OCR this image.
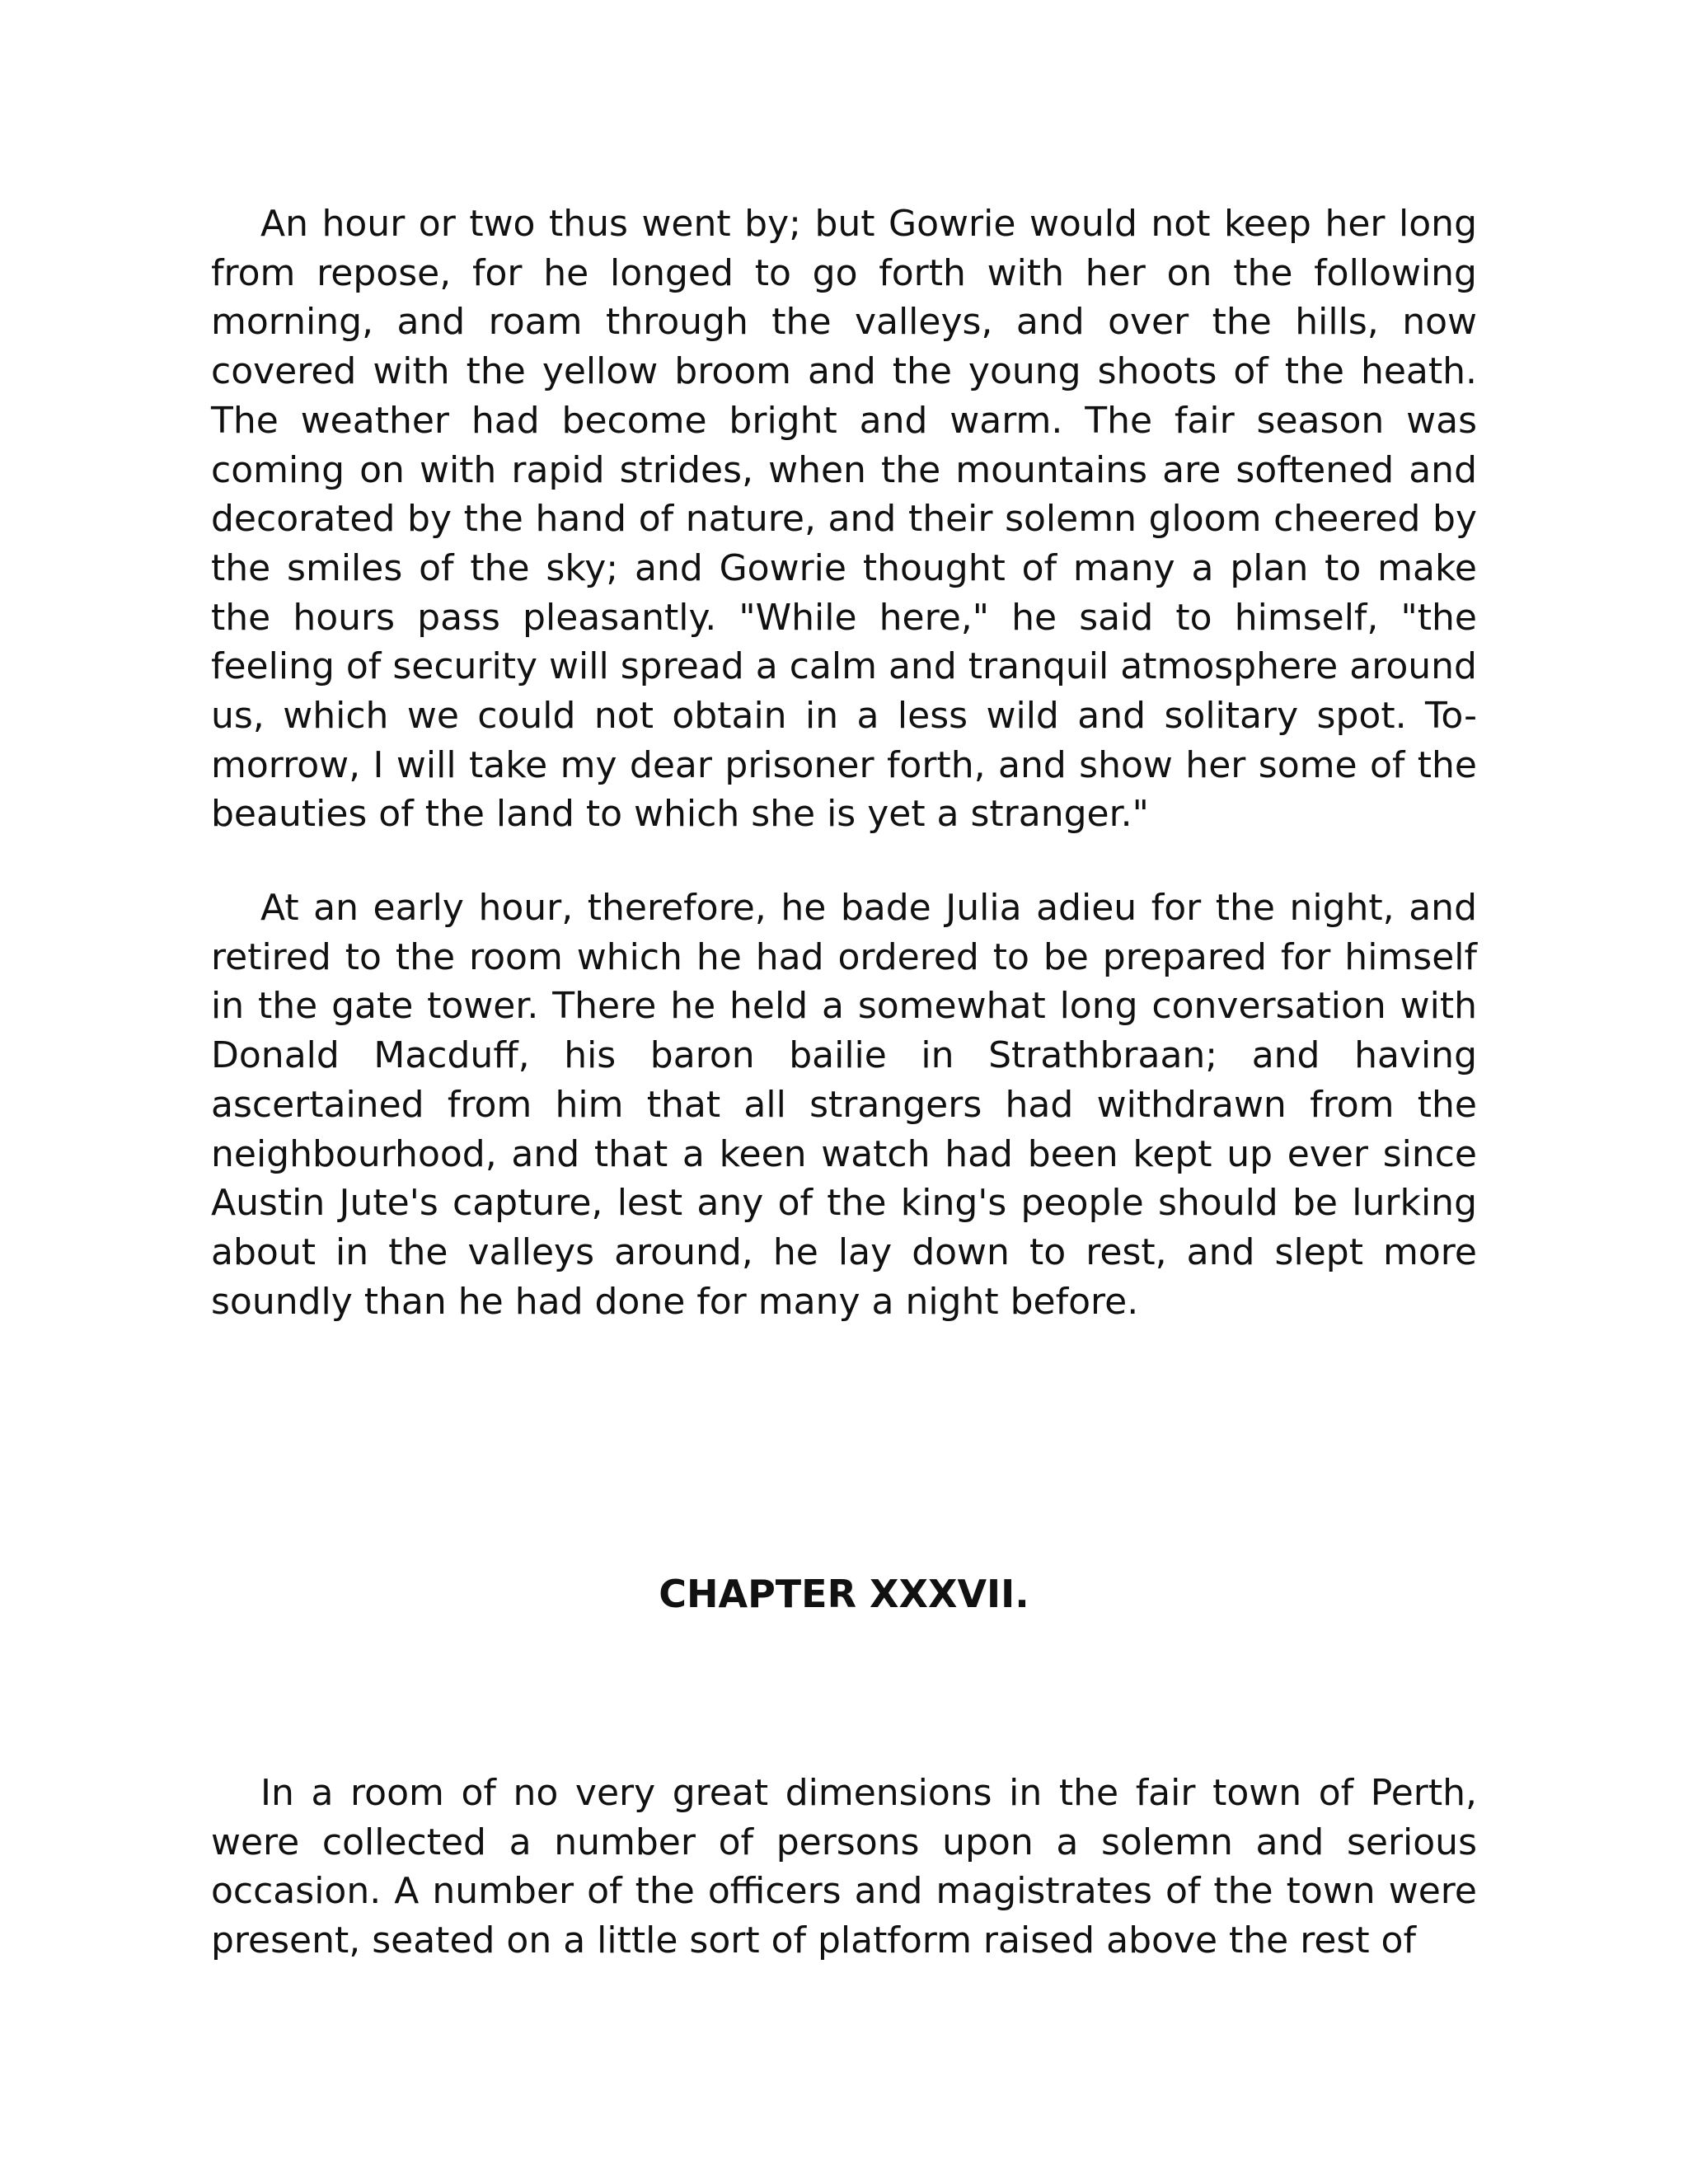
An hour or two thus went by; but Gowrie would not keep her long from repose, for he longed to go forth with her on the following morning, and roam through the valleys, and over the hills, now covered with the yellow broom and the young shoots of the heath. The weather had become bright and warm. The fair season was coming on with rapid strides, when the mountains are softened and decorated by the hand of nature, and their solemn gloom cheered by the smiles of the sky; and Gowrie thought of many a plan to make the hours pass pleasantly. "While here," he said to himself, "the feeling of security will spread a calm and tranquil atmosphere around us, which we could not obtain in a less wild and solitary spot. To-morrow, I will take my dear prisoner forth, and show her some of the beauties of the land to which she is yet a stranger."

At an early hour, therefore, he bade Julia adieu for the night, and retired to the room which he had ordered to be prepared for himself in the gate tower. There he held a somewhat long conversation with Donald Macduff, his baron bailie in Strathbraan; and having ascertained from him that all strangers had withdrawn from the neighbourhood, and that a keen watch had been kept up ever since Austin Jute's capture, lest any of the king's people should be lurking about in the valleys around, he lay down to rest, and slept more soundly than he had done for many a night before.

CHAPTER XXXVII.

In a room of no very great dimensions in the fair town of Perth, were collected a number of persons upon a solemn and serious occasion. A number of the officers and magistrates of the town were present, seated on a little sort of platform raised above the rest of
